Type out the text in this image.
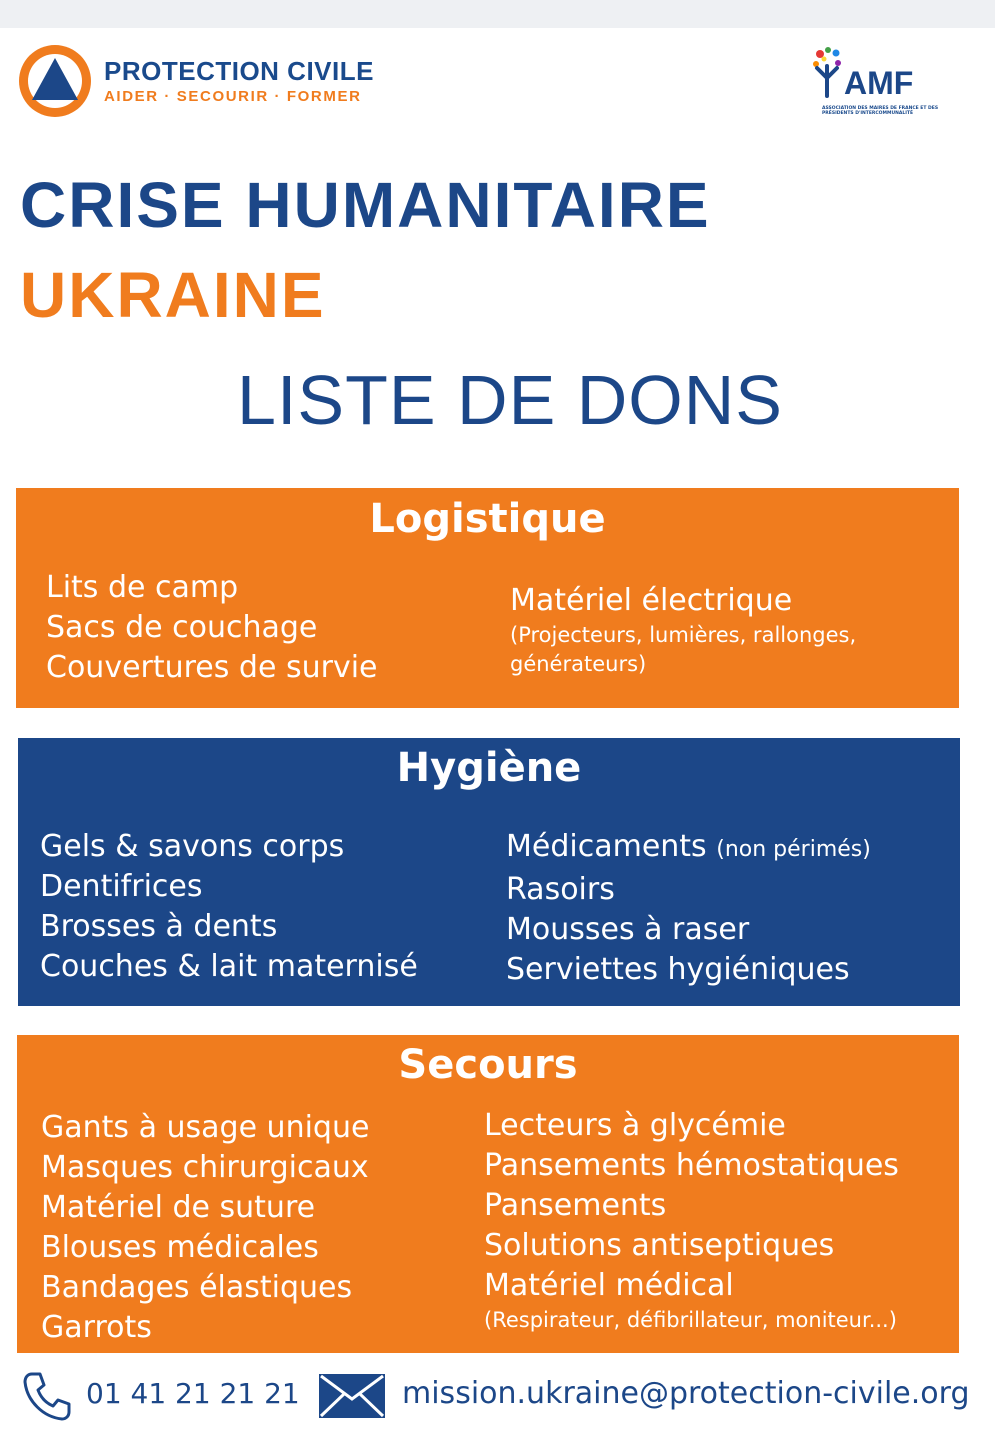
PROTECTION CIVILE
AIDER · SECOURIR · FORMER	AMF
ASSOCIATION DES MAIRES DE FRANCE ET DES PRÉSIDENTS D'INTERCOMMUNALITÉ
CRISE HUMANITAIRE
UKRAINE
LISTE DE DONS
Logistique
Lits de camp
Sacs de couchage
Couvertures de survie
Matériel électrique
(Projecteurs, lumières, rallonges,
générateurs)
Hygiène
Gels & savons corps
Dentifrices
Brosses à dents
Couches & lait maternisé
Médicaments (non périmés)
Rasoirs
Mousses à raser
Serviettes hygiéniques
Secours
Gants à usage unique
Masques chirurgicaux
Matériel de suture
Blouses médicales
Bandages élastiques
Garrots
Lecteurs à glycémie
Pansements hémostatiques
Pansements
Solutions antiseptiques
Matériel médical
(Respirateur, défibrillateur, moniteur...)
01 41 21 21 21	mission.ukraine@protection-civile.org
